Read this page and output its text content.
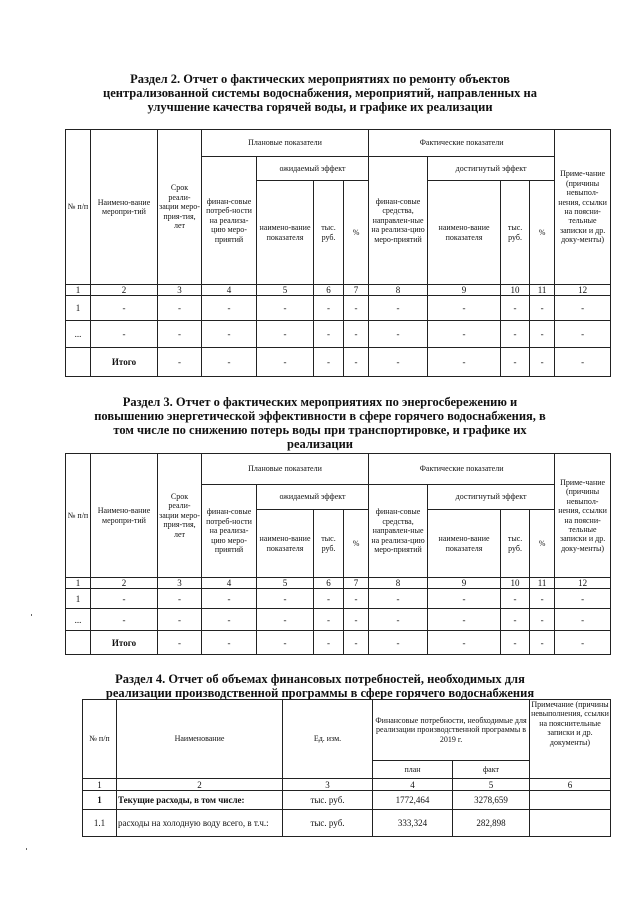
Раздел 2. Отчет о фактических мероприятиях по ремонту объектов
централизованной системы водоснабжения, мероприятий, направленных на
улучшение качества горячей воды, и графике их реализации
№ п/п	Наимено-вание меропри-тий	Срок реали-зации меро-прия-тия, лет	Плановые показатели				Фактические показатели				Приме-чание (причины невыпол-нения, ссылки на поясни-тельные записки и др. доку-менты)
			финан-совые потреб-ности на реализа-цию меро-приятий	ожидаемый эффект			финан-совые средства, направлен-ные на реализа-цию меро-приятий	достигнутый эффект			
				наимено-вание показателя	тыс. руб.	%		наимено-вание показателя	тыс. руб.	%	
1	2	3	4	5	6	7	8	9	10	11	12
1	-	-	-	-	-	-	-	-	-	-	-
...	-	-	-	-	-	-	-	-	-	-	-
	Итого	-	-	-	-	-	-	-	-	-	-
Раздел 3. Отчет о фактических мероприятиях по энергосбережению и
повышению энергетической эффективности в сфере горячего водоснабжения, в
том числе по снижению потерь воды при транспортировке, и графике их
реализации
№ п/п	Наимено-вание меропри-тий	Срок реали-зации меро-прия-тия, лет	Плановые показатели				Фактические показатели				Приме-чание (причины невыпол-нения, ссылки на поясни-тельные записки и др. доку-менты)
			финан-совые потреб-ности на реализа-цию меро-приятий	ожидаемый эффект			финан-совые средства, направлен-ные на реализа-цию меро-приятий	достигнутый эффект			
				наимено-вание показателя	тыс. руб.	%		наимено-вание показателя	тыс. руб.	%	
1	2	3	4	5	6	7	8	9	10	11	12
1	-	-	-	-	-	-	-	-	-	-	-
...	-	-	-	-	-	-	-	-	-	-	-
	Итого	-	-	-	-	-	-	-	-	-	-
Раздел 4. Отчет об объемах финансовых потребностей, необходимых для
реализации производственной программы в сфере горячего водоснабжения
№ п/п	Наименование	Ед. изм.	Финансовые потребности, необходимые для реализации производственной программы в 2019 г.		Примечание (причины невыполнения, ссылки на пояснительные записки и др. документы)
			план	факт	
1	2	3	4	5	6
1	Текущие расходы, в том числе:	тыс. руб.	1772,464	3278,659	
1.1	расходы на холодную воду всего, в т.ч.:	тыс. руб.	333,324	282,898	
